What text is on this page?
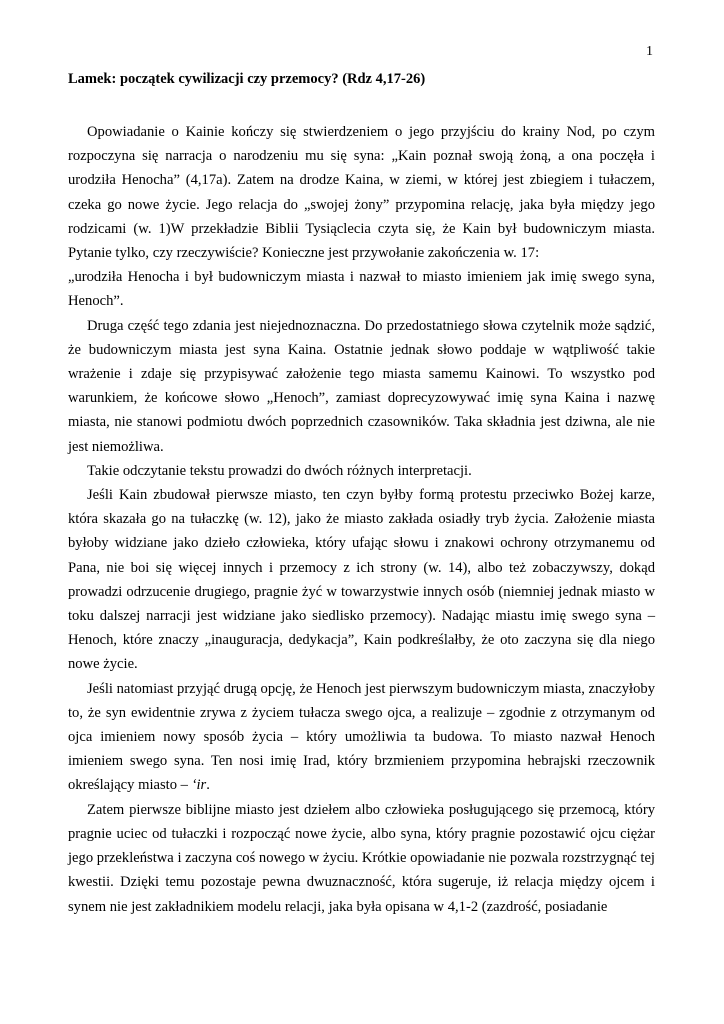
1
Lamek: początek cywilizacji czy przemocy? (Rdz 4,17-26)

Opowiadanie o Kainie kończy się stwierdzeniem o jego przyjściu do krainy Nod, po czym rozpoczyna się narracja o narodzeniu mu się syna: „Kain poznał swoją żoną, a ona poczęła i urodziła Henocha” (4,17a). Zatem na drodze Kaina, w ziemi, w której jest zbiegiem i tułaczem, czeka go nowe życie. Jego relacja do „swojej żony” przypomina relację, jaka była między jego rodzicami (w. 1)W przekładzie Biblii Tysiąclecia czyta się, że Kain był budowniczym miasta. Pytanie tylko, czy rzeczywiście? Konieczne jest przywołanie zakończenia w. 17:

„urodziła Henocha i był budowniczym miasta i nazwał to miasto imieniem jak imię swego syna, Henoch”.

Druga część tego zdania jest niejednoznaczna. Do przedostatniego słowa czytelnik może sądzić, że budowniczym miasta jest syna Kaina. Ostatnie jednak słowo poddaje w wątpliwość takie wrażenie i zdaje się przypisywać założenie tego miasta samemu Kainowi. To wszystko pod warunkiem, że końcowe słowo „Henoch”, zamiast doprecyzowywać imię syna Kaina i nazwę miasta, nie stanowi podmiotu dwóch poprzednich czasowników. Taka składnia jest dziwna, ale nie jest niemożliwa.

Takie odczytanie tekstu prowadzi do dwóch różnych interpretacji.

Jeśli Kain zbudował pierwsze miasto, ten czyn byłby formą protestu przeciwko Bożej karze, która skazała go na tułaczkę (w. 12), jako że miasto zakłada osiadły tryb życia. Założenie miasta byłoby widziane jako dzieło człowieka, który ufając słowu i znakowi ochrony otrzymanemu od Pana, nie boi się więcej innych i przemocy z ich strony (w. 14), albo też zobaczywszy, dokąd prowadzi odrzucenie drugiego, pragnie żyć w towarzystwie innych osób (niemniej jednak miasto w toku dalszej narracji jest widziane jako siedlisko przemocy). Nadając miastu imię swego syna – Henoch, które znaczy „inauguracja, dedykacja”, Kain podkreślałby, że oto zaczyna się dla niego nowe życie.

Jeśli natomiast przyjąć drugą opcję, że Henoch jest pierwszym budowniczym miasta, znaczyłoby to, że syn ewidentnie zrywa z życiem tułacza swego ojca, a realizuje – zgodnie z otrzymanym od ojca imieniem nowy sposób życia – który umożliwia ta budowa. To miasto nazwał Henoch imieniem swego syna. Ten nosi imię Irad, który brzmieniem przypomina hebrajski rzeczownik określający miasto – ‘ir.

Zatem pierwsze biblijne miasto jest dziełem albo człowieka posługującego się przemocą, który pragnie uciec od tułaczki i rozpocząć nowe życie, albo syna, który pragnie pozostawić ojcu ciężar jego przekleństwa i zaczyna coś nowego w życiu. Krótkie opowiadanie nie pozwala rozstrzygnąć tej kwestii. Dzięki temu pozostaje pewna dwuznaczność, która sugeruje, iż relacja między ojcem i synem nie jest zakładnikiem modelu relacji, jaka była opisana w 4,1-2 (zazdrość, posiadanie
